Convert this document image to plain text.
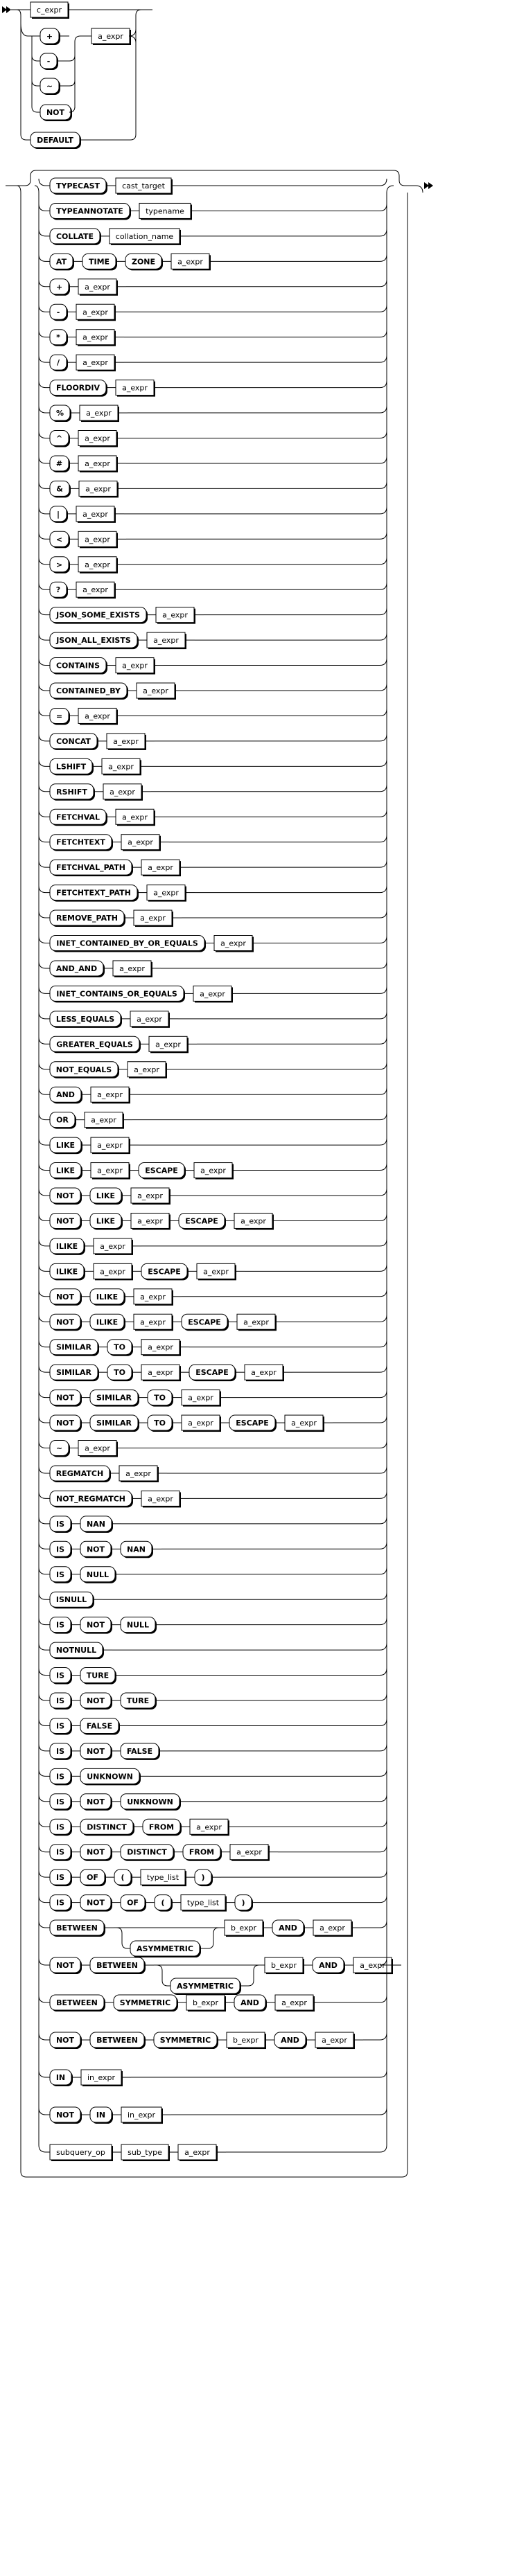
c_expr
+
-
~
NOT
a_expr
DEFAULT
TYPECAST	cast_target
TYPEANNOTATE	typename
COLLATE	collation_name
AT	TIME	ZONE	a_expr
+	a_expr
-	a_expr
*	a_expr
/	a_expr
FLOORDIV	a_expr
%	a_expr
^	a_expr
#	a_expr
&	a_expr
|	a_expr
<	a_expr
>	a_expr
?	a_expr
JSON_SOME_EXISTS	a_expr
JSON_ALL_EXISTS	a_expr
CONTAINS	a_expr
CONTAINED_BY	a_expr
=	a_expr
CONCAT	a_expr
LSHIFT	a_expr
RSHIFT	a_expr
FETCHVAL	a_expr
FETCHTEXT	a_expr
FETCHVAL_PATH	a_expr
FETCHTEXT_PATH	a_expr
REMOVE_PATH	a_expr
INET_CONTAINED_BY_OR_EQUALS	a_expr
AND_AND	a_expr
INET_CONTAINS_OR_EQUALS	a_expr
LESS_EQUALS	a_expr
GREATER_EQUALS	a_expr
NOT_EQUALS	a_expr
AND	a_expr
OR	a_expr
LIKE	a_expr
LIKE	a_expr	ESCAPE	a_expr
NOT	LIKE	a_expr
NOT	LIKE	a_expr	ESCAPE	a_expr
ILIKE	a_expr
ILIKE	a_expr	ESCAPE	a_expr
NOT	ILIKE	a_expr
NOT	ILIKE	a_expr	ESCAPE	a_expr
SIMILAR	TO	a_expr
SIMILAR	TO	a_expr	ESCAPE	a_expr
NOT	SIMILAR	TO	a_expr
NOT	SIMILAR	TO	a_expr	ESCAPE	a_expr
~	a_expr
REGMATCH	a_expr
NOT_REGMATCH	a_expr
IS	NAN
IS	NOT	NAN
IS	NULL
ISNULL
IS	NOT	NULL
NOTNULL
IS	TURE
IS	NOT	TURE
IS	FALSE
IS	NOT	FALSE
IS	UNKNOWN
IS	NOT	UNKNOWN
IS	DISTINCT	FROM	a_expr
IS	NOT	DISTINCT	FROM	a_expr
IS	OF	(	type_list	)
IS	NOT	OF	(	type_list	)
BETWEEN
ASYMMETRIC
b_expr	AND	a_expr
NOT	BETWEEN
ASYMMETRIC
b_expr	AND	a_expr
BETWEEN	SYMMETRIC	b_expr	AND	a_expr
NOT	BETWEEN	SYMMETRIC	b_expr	AND	a_expr
IN	in_expr
NOT	IN	in_expr
subquery_op	sub_type	a_expr
